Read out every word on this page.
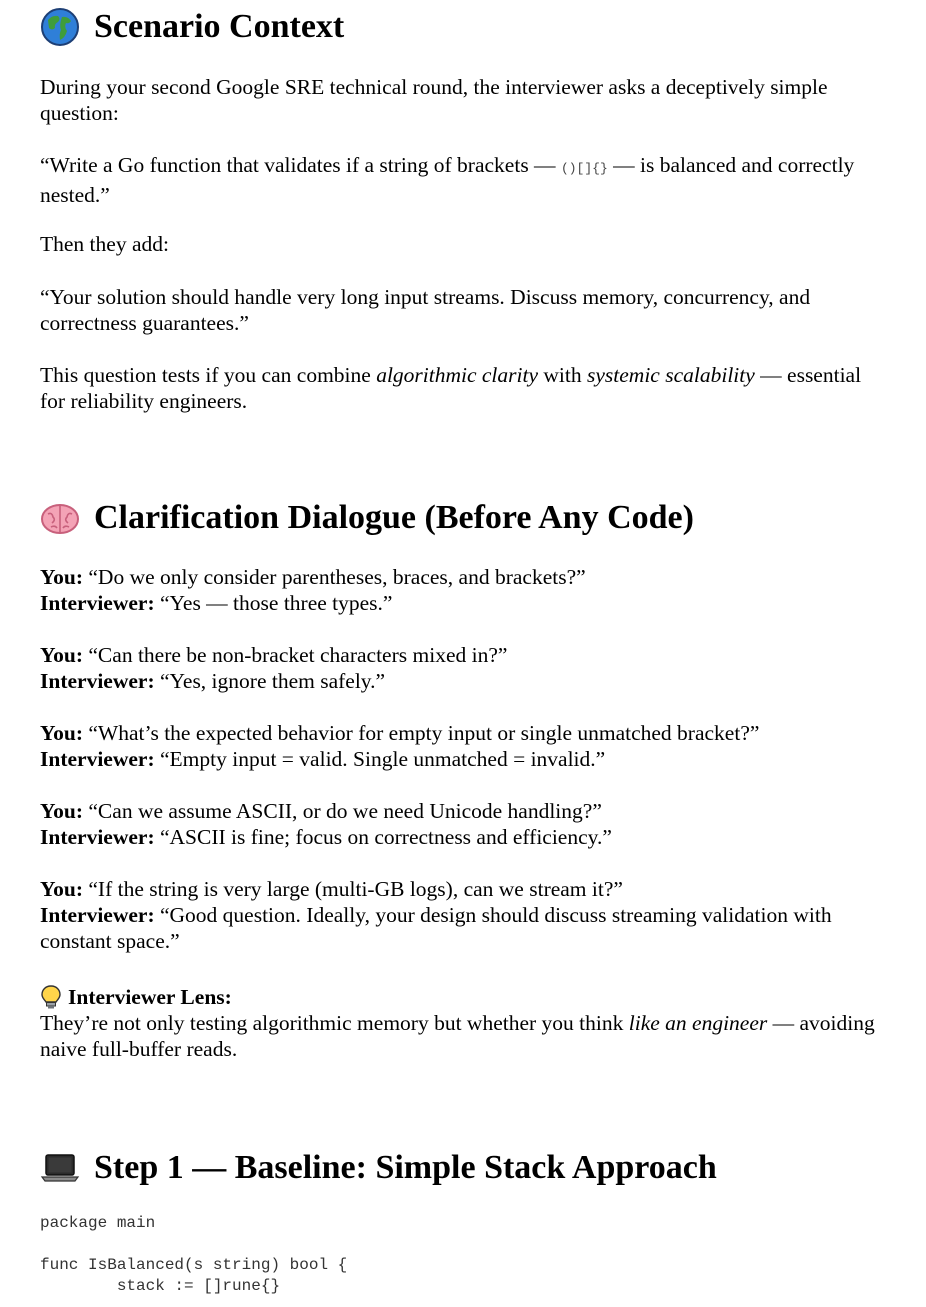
Scenario Context

During your second Google SRE technical round, the interviewer asks a deceptively simple question:

“Write a Go function that validates if a string of brackets — ()[]{} — is balanced and correctly nested.”

Then they add:

“Your solution should handle very long input streams. Discuss memory, concurrency, and correctness guarantees.”

This question tests if you can combine algorithmic clarity with systemic scalability — essential for reliability engineers.

Clarification Dialogue (Before Any Code)

You: “Do we only consider parentheses, braces, and brackets?”
Interviewer: “Yes — those three types.”

You: “Can there be non-bracket characters mixed in?”
Interviewer: “Yes, ignore them safely.”

You: “What’s the expected behavior for empty input or single unmatched bracket?”
Interviewer: “Empty input = valid. Single unmatched = invalid.”

You: “Can we assume ASCII, or do we need Unicode handling?”
Interviewer: “ASCII is fine; focus on correctness and efficiency.”

You: “If the string is very large (multi-GB logs), can we stream it?”
Interviewer: “Good question. Ideally, your design should discuss streaming validation with constant space.”

Interviewer Lens:

They’re not only testing algorithmic memory but whether you think like an engineer — avoiding naive full-buffer reads.

Step 1 — Baseline: Simple Stack Approach
package main

func IsBalanced(s string) bool {
stack := []rune{}
